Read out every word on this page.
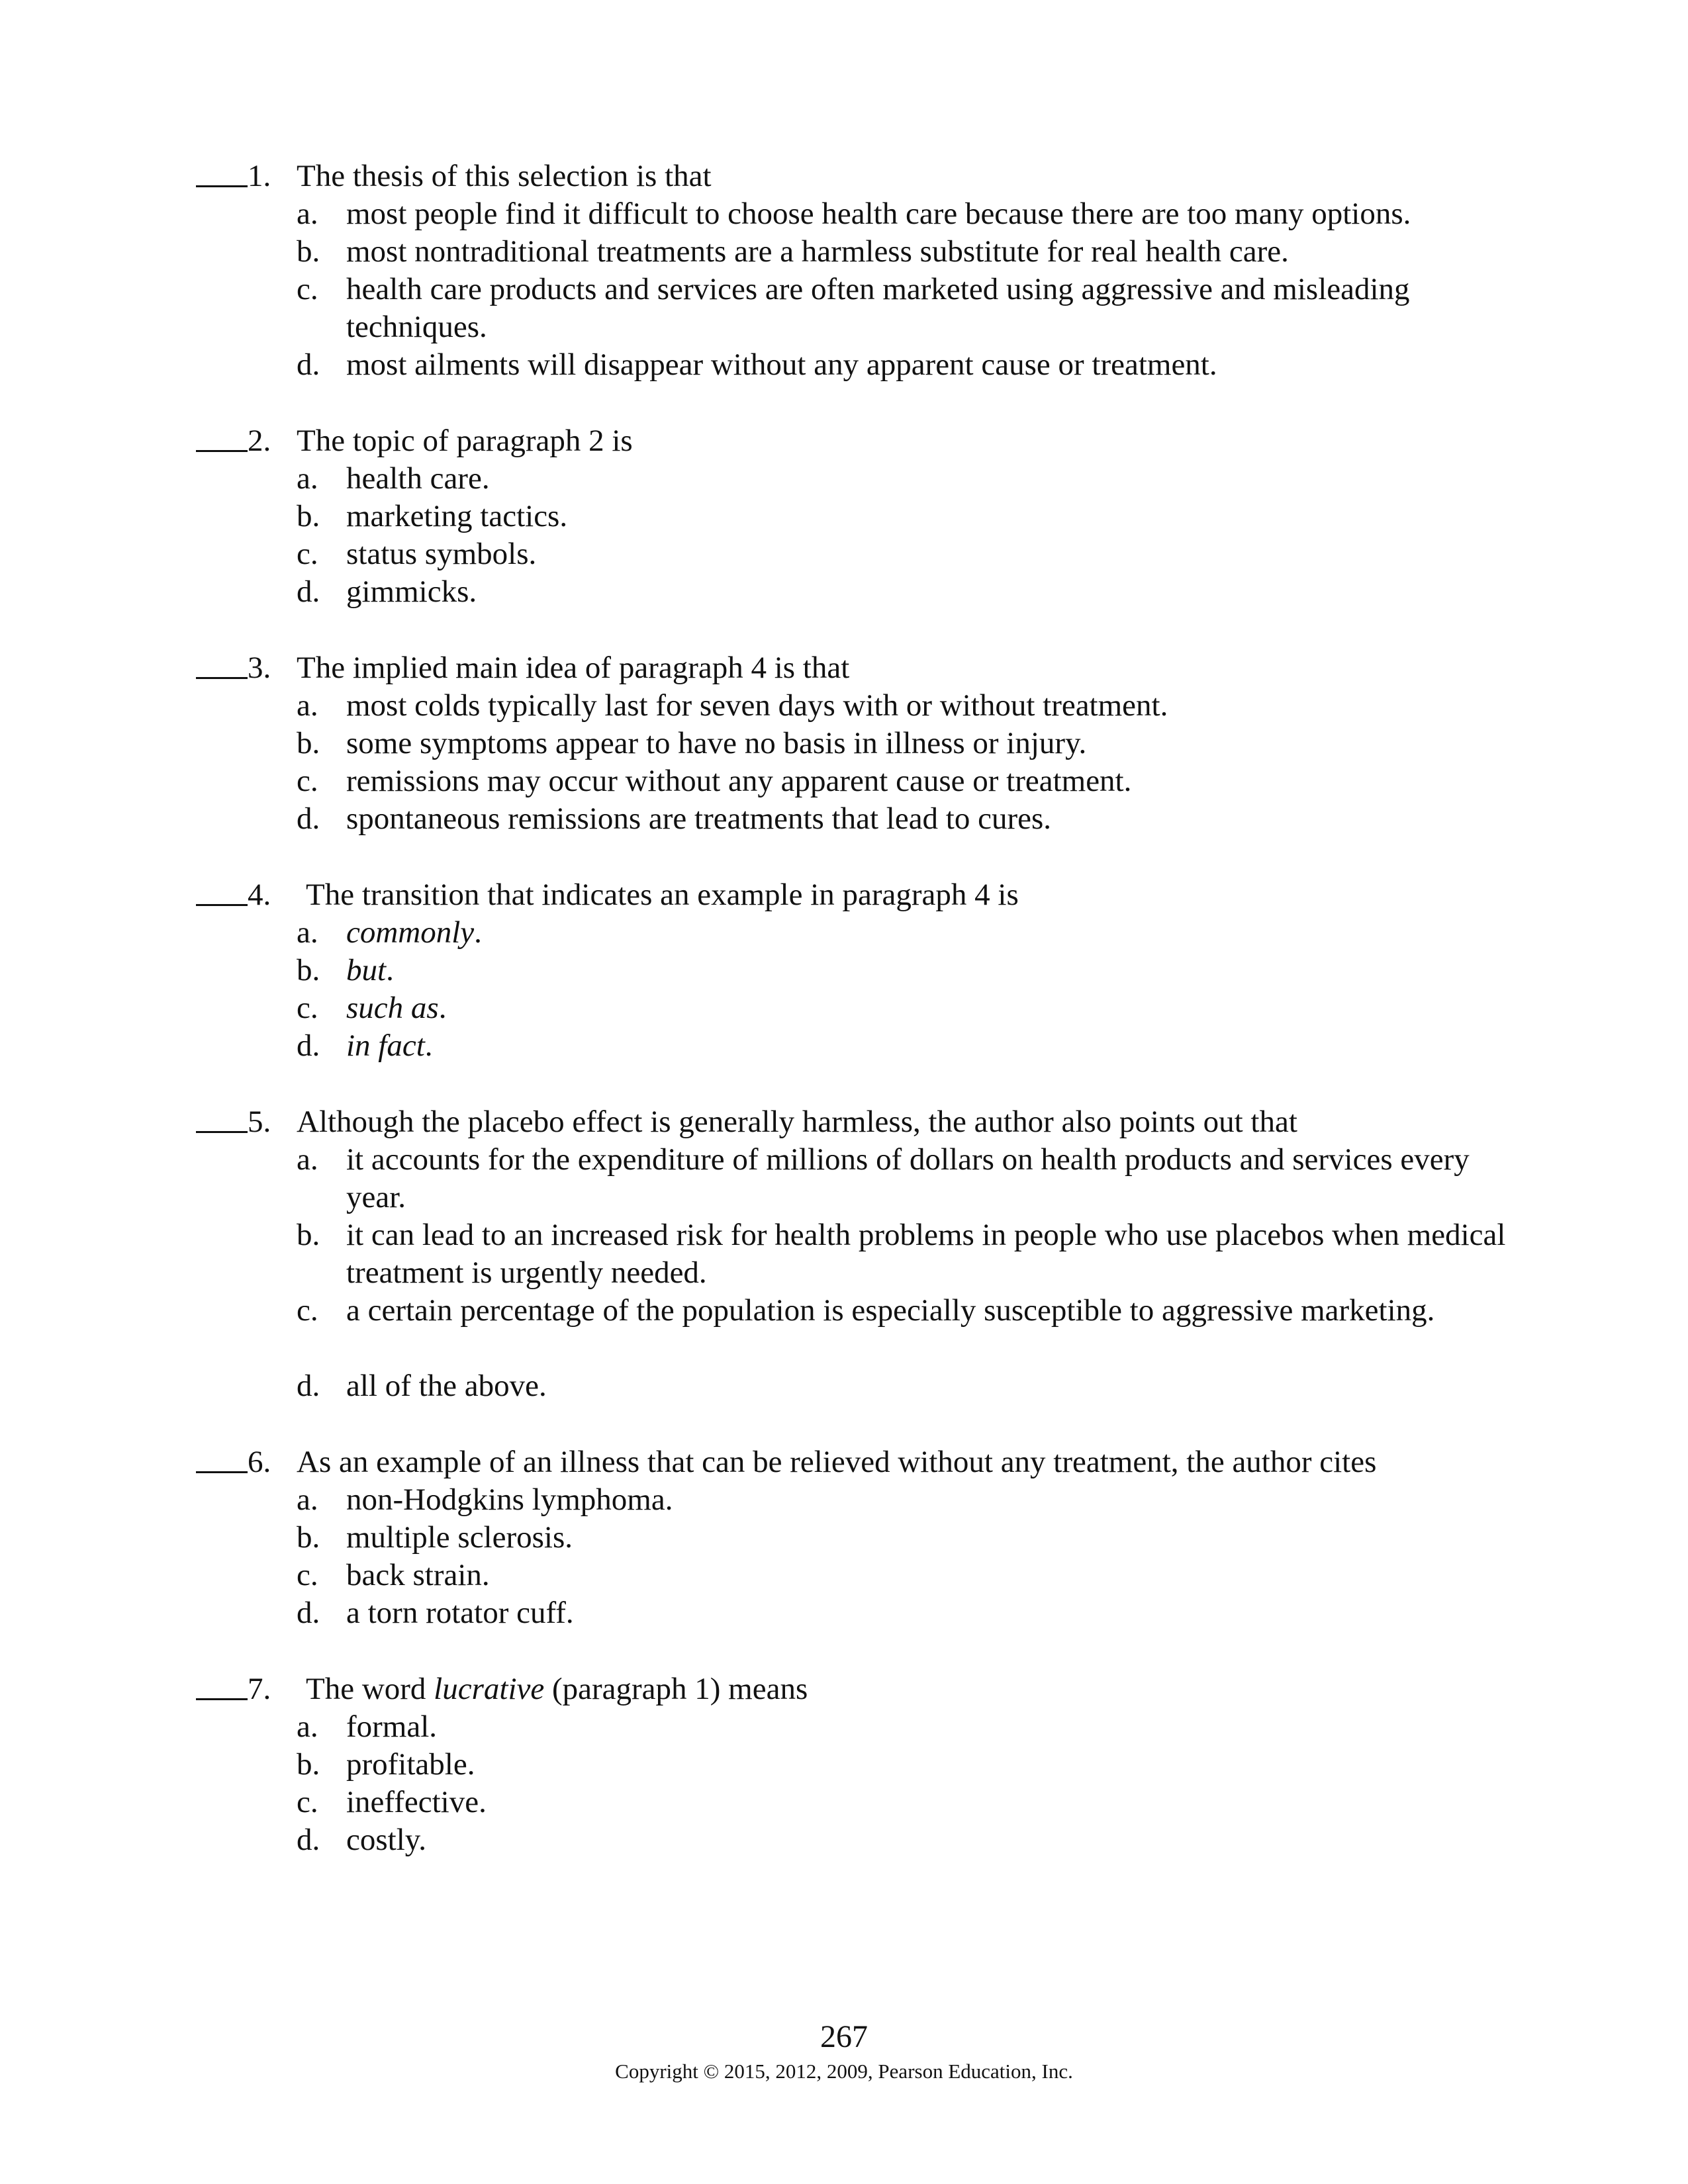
1. The thesis of this selection is that
a. most people find it difficult to choose health care because there are too many options.
b. most nontraditional treatments are a harmless substitute for real health care.
c. health care products and services are often marketed using aggressive and misleading techniques.
d. most ailments will disappear without any apparent cause or treatment.
2. The topic of paragraph 2 is
a. health care.
b. marketing tactics.
c. status symbols.
d. gimmicks.
3. The implied main idea of paragraph 4 is that
a. most colds typically last for seven days with or without treatment.
b. some symptoms appear to have no basis in illness or injury.
c. remissions may occur without any apparent cause or treatment.
d. spontaneous remissions are treatments that lead to cures.
4. The transition that indicates an example in paragraph 4 is
a. commonly .
b. but .
c. such as .
d. in fact .
5. Although the placebo effect is generally harmless, the author also points out that
a. it accounts for the expenditure of millions of dollars on health products and services every year.
b. it can lead to an increased risk for health problems in people who use placebos when medical treatment is urgently needed.
c. a certain percentage of the population is especially susceptible to aggressive marketing.
d. all of the above.
6. As an example of an illness that can be relieved without any treatment, the author cites
a. non-Hodgkins lymphoma.
b. multiple sclerosis.
c. back strain.
d. a torn rotator cuff.
7. The word lucrative (paragraph 1) means
a. formal.
b. profitable.
c. ineffective.
d. costly.
267
Copyright © 2015, 2012, 2009, Pearson Education, Inc.
